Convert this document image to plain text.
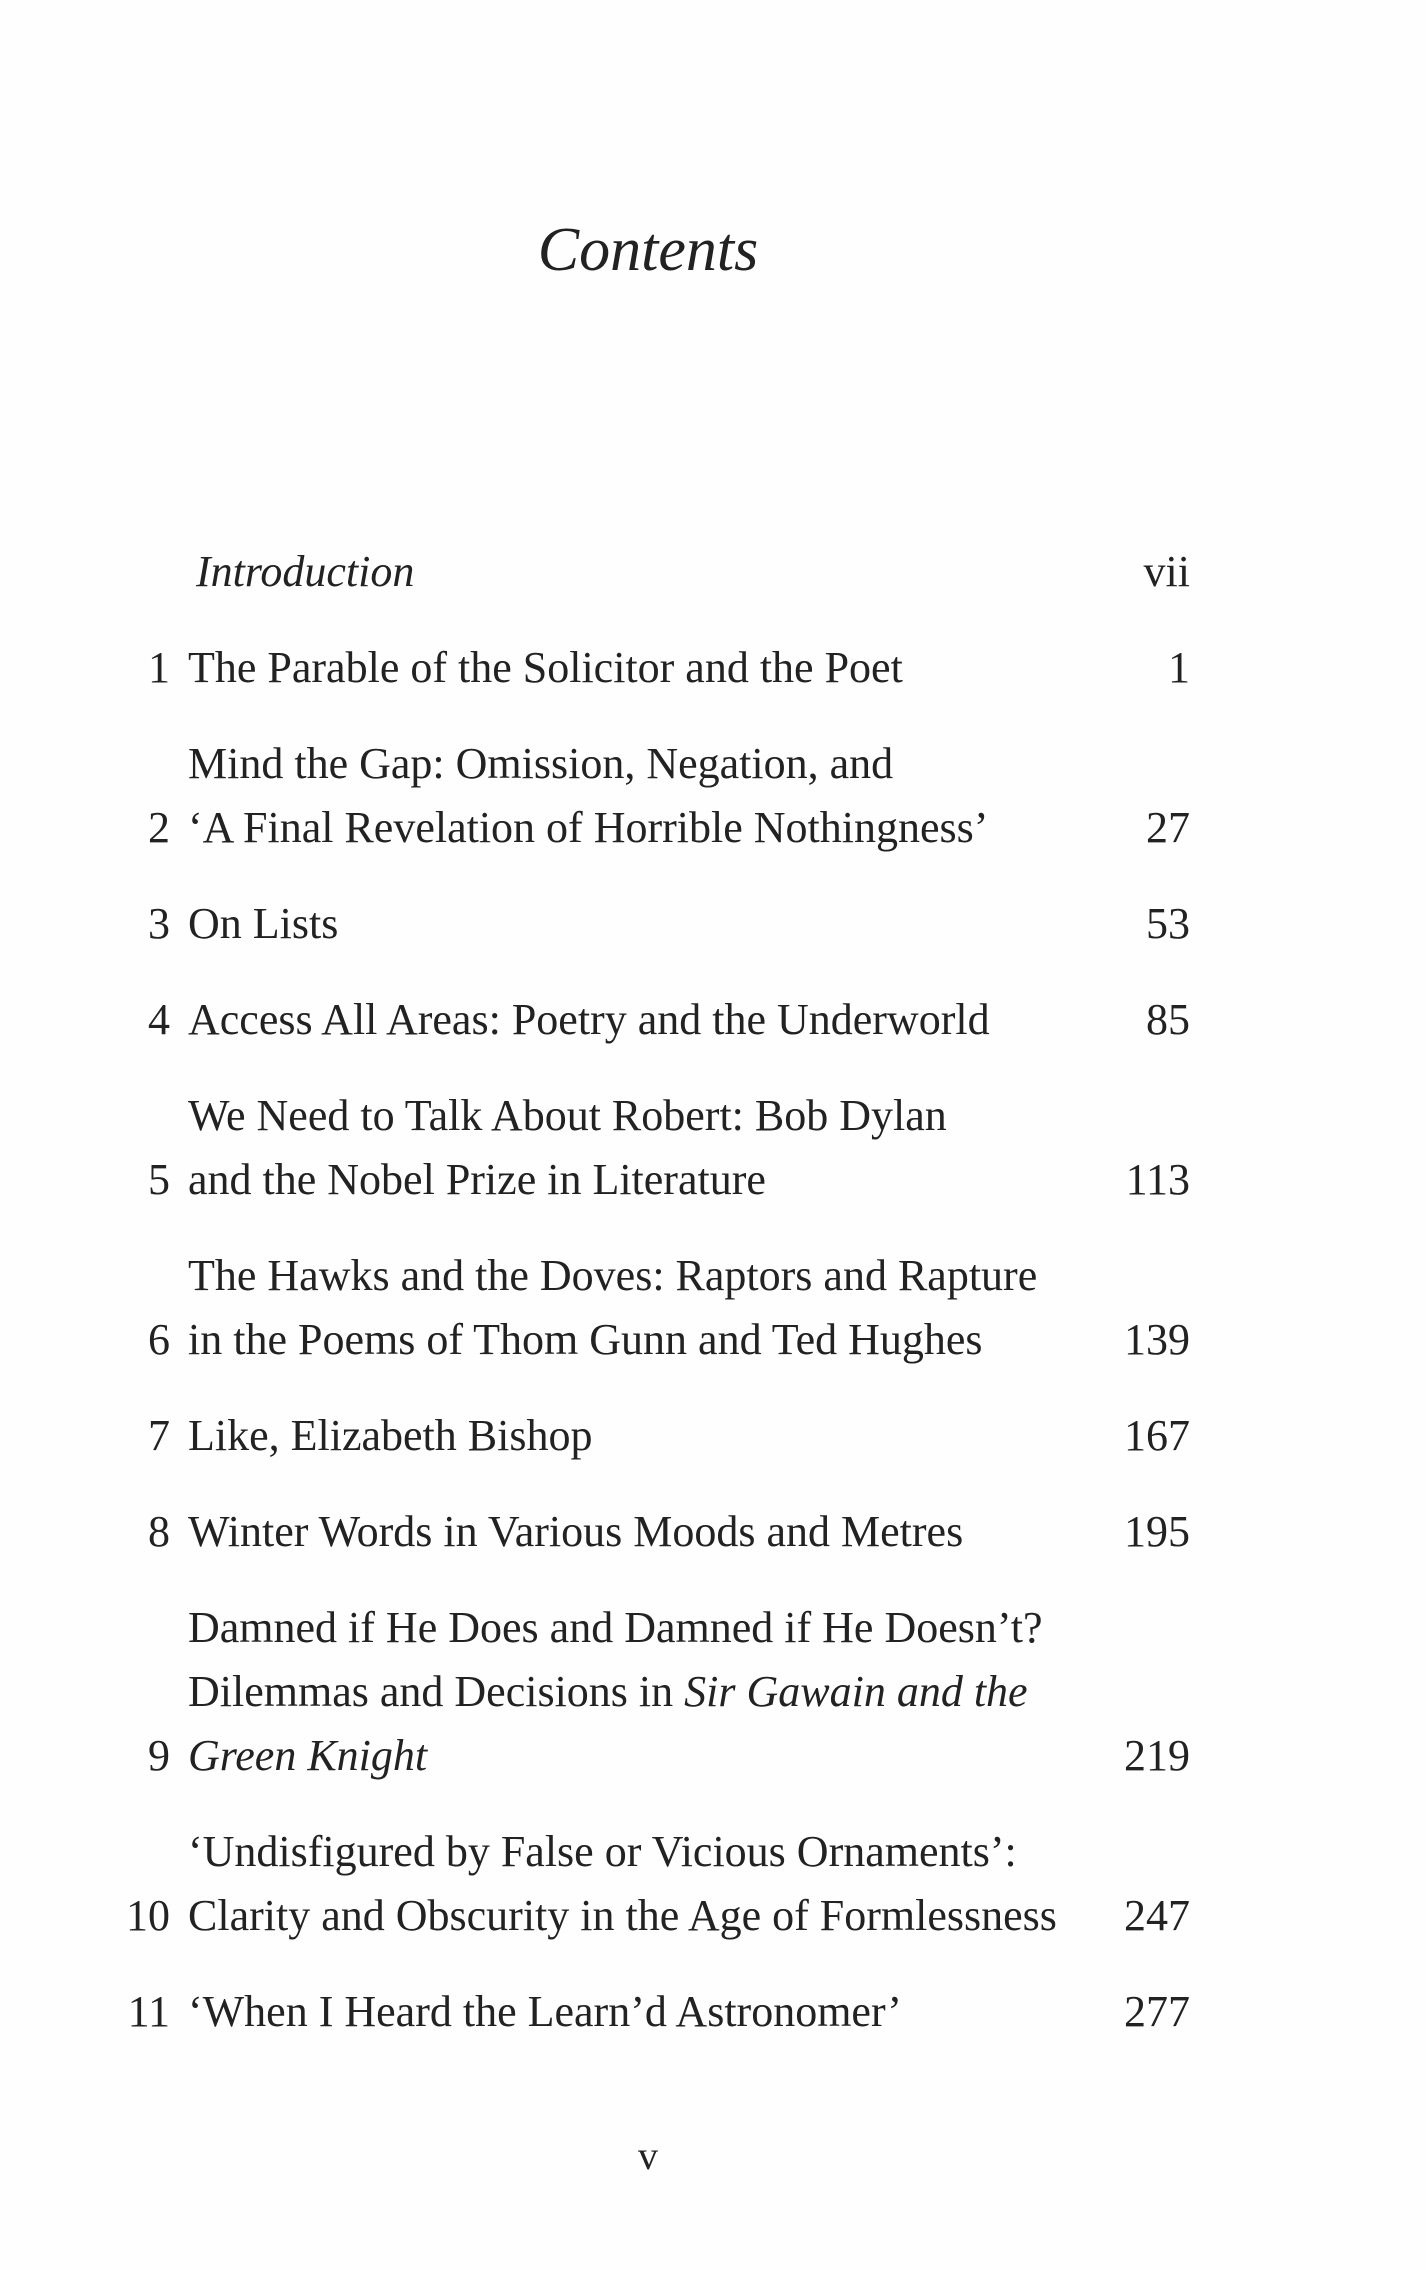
Contents
Introduction	vii
1 The Parable of the Solicitor and the Poet	1
2
Mind the Gap: Omission, Negation, and
‘A Final Revelation of Horrible Nothingness’	27
3 On Lists	53
4 Access All Areas: Poetry and the Underworld	85
5
We Need to Talk About Robert: Bob Dylan
and the Nobel Prize in Literature	113
6
The Hawks and the Doves: Raptors and Rapture
in the Poems of Thom Gunn and Ted Hughes	139
7 Like, Elizabeth Bishop	167
8 Winter Words in Various Moods and Metres	195
9
Damned if He Does and Damned if He Doesn’t?
Dilemmas and Decisions in Sir Gawain and the
Green Knight	219
10
‘Undisfigured by False or Vicious Ornaments’:
Clarity and Obscurity in the Age of Formlessness	247
11 ‘When I Heard the Learn’d Astronomer’	277
v
